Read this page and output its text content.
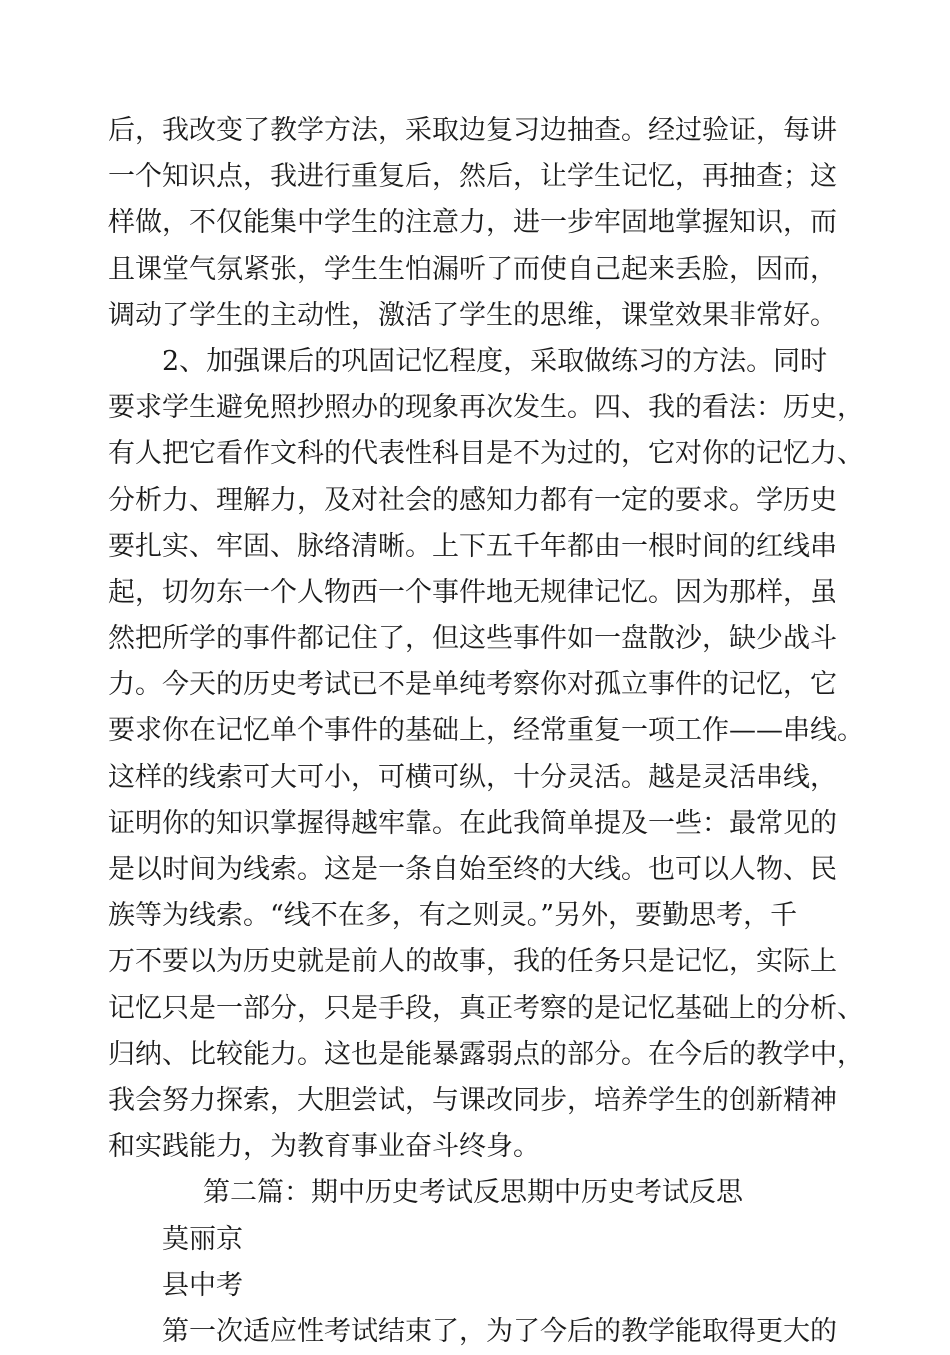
后，我改变了教学方法，采取边复习边抽查。经过验证，每讲
一个知识点，我进行重复后，然后，让学生记忆，再抽查；这
样做，不仅能集中学生的注意力，进一步牢固地掌握知识，而
且课堂气氛紧张，学生生怕漏听了而使自己起来丢脸，因而，
调动了学生的主动性，激活了学生的思维，课堂效果非常好。
2、加强课后的巩固记忆程度，采取做练习的方法。同时
要求学生避免照抄照办的现象再次发生。四、我的看法：历史，
有人把它看作文科的代表性科目是不为过的，它对你的记忆力、
分析力、理解力，及对社会的感知力都有一定的要求。学历史
要扎实、牢固、脉络清晰。上下五千年都由一根时间的红线串
起，切勿东一个人物西一个事件地无规律记忆。因为那样，虽
然把所学的事件都记住了，但这些事件如一盘散沙，缺少战斗
力。今天的历史考试已不是单纯考察你对孤立事件的记忆，它
要求你在记忆单个事件的基础上，经常重复一项工作——串线。
这样的线索可大可小，可横可纵，十分灵活。越是灵活串线，
证明你的知识掌握得越牢靠。在此我简单提及一些：最常见的
是以时间为线索。这是一条自始至终的大线。也可以人物、民
族等为线索。“线不在多，有之则灵。”另外，要勤思考，千
万不要以为历史就是前人的故事，我的任务只是记忆，实际上
记忆只是一部分，只是手段，真正考察的是记忆基础上的分析、
归纳、比较能力。这也是能暴露弱点的部分。在今后的教学中，
我会努力探索，大胆尝试，与课改同步，培养学生的创新精神
和实践能力，为教育事业奋斗终身。
第二篇：期中历史考试反思期中历史考试反思
莫丽京
县中考
第一次适应性考试结束了，为了今后的教学能取得更大的
